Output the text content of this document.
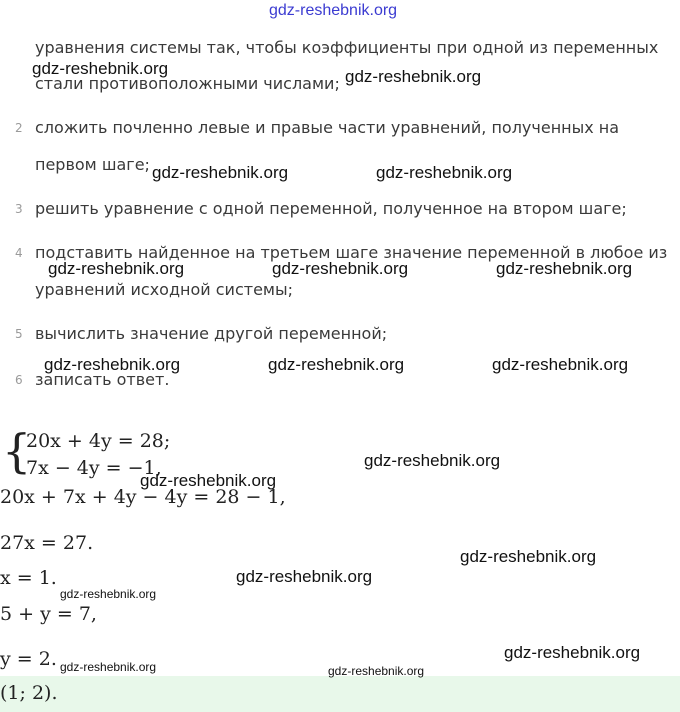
gdz-reshebnik.org
уравнения системы так, чтобы коэффициенты при одной из переменных
стали противоположными числами;
2 сложить почленно левые и правые части уравнений, полученных на
первом шаге;
3 решить уравнение с одной переменной, полученное на втором шаге;
4 подставить найденное на третьем шаге значение переменной в любое из
уравнений исходной системы;
5 вычислить значение другой переменной;
6 записать ответ.
{
20x + 4y = 28;
7x − 4y = −1,
20x + 7x + 4y − 4y = 28 − 1,
27x = 27.
x = 1.
5 + y = 7,
y = 2.
(1; 2).
gdz-reshebnik.org	gdz-reshebnik.org
gdz-reshebnik.org	gdz-reshebnik.org
gdz-reshebnik.org	gdz-reshebnik.org	gdz-reshebnik.org
gdz-reshebnik.org	gdz-reshebnik.org	gdz-reshebnik.org
gdz-reshebnik.org
gdz-reshebnik.org
gdz-reshebnik.org
gdz-reshebnik.org
gdz-reshebnik.org
gdz-reshebnik.org
gdz-reshebnik.org	gdz-reshebnik.org
